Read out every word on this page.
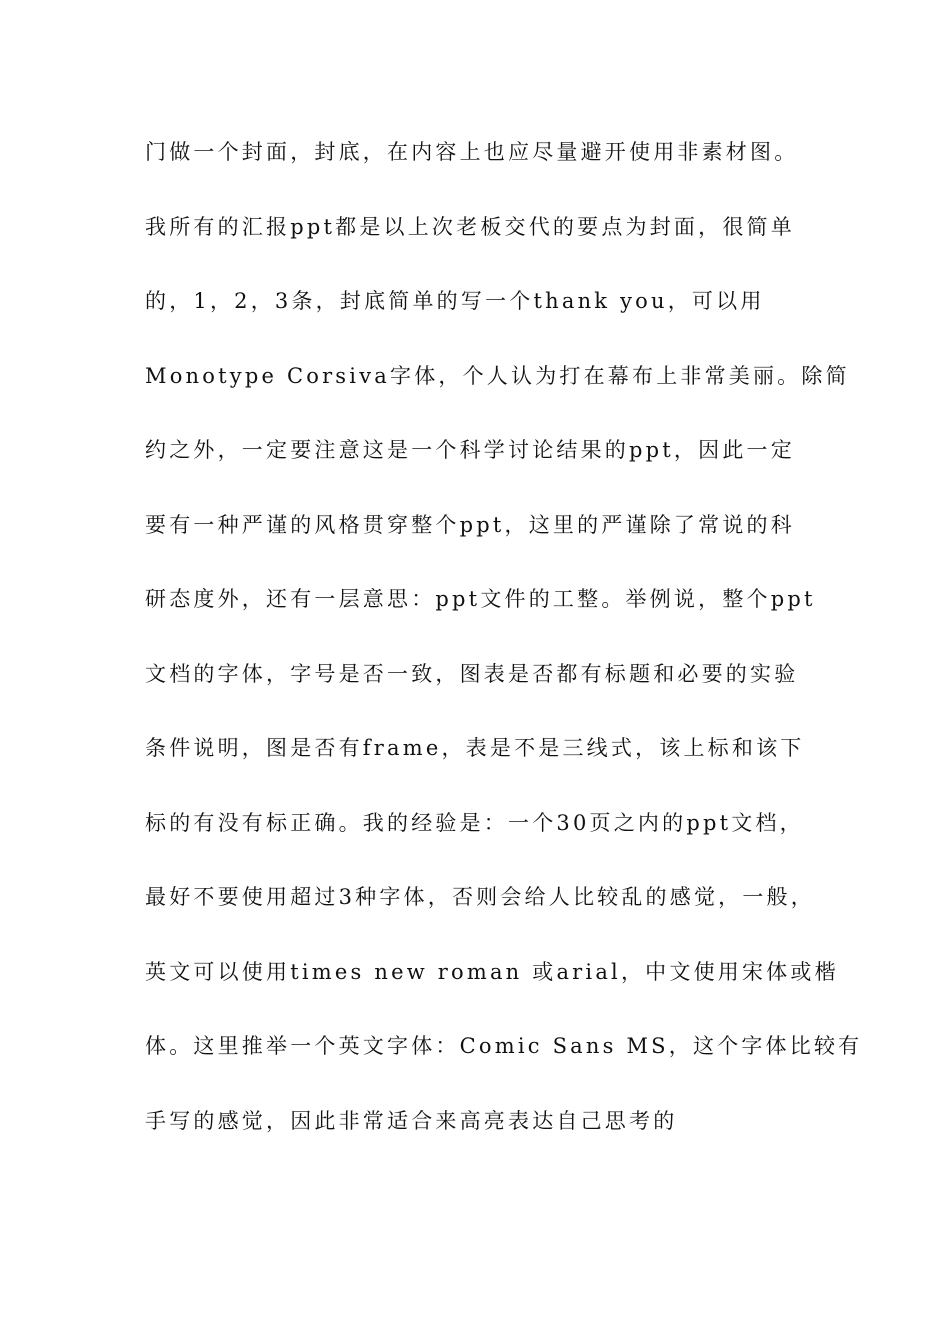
门做一个封面，封底，在内容上也应尽量避开使用非素材图。
我所有的汇报ppt都是以上次老板交代的要点为封面，很简单
的，1，2，3条，封底简单的写一个thank you，可以用
Monotype Corsiva字体，个人认为打在幕布上非常美丽。除简
约之外，一定要注意这是一个科学讨论结果的ppt，因此一定
要有一种严谨的风格贯穿整个ppt，这里的严谨除了常说的科
研态度外，还有一层意思：ppt文件的工整。举例说，整个ppt
文档的字体，字号是否一致，图表是否都有标题和必要的实验
条件说明，图是否有frame，表是不是三线式，该上标和该下
标的有没有标正确。我的经验是：一个30页之内的ppt文档，
最好不要使用超过3种字体，否则会给人比较乱的感觉，一般，
英文可以使用times new roman 或arial，中文使用宋体或楷
体。这里推举一个英文字体：Comic Sans MS，这个字体比较有
手写的感觉，因此非常适合来高亮表达自己思考的
